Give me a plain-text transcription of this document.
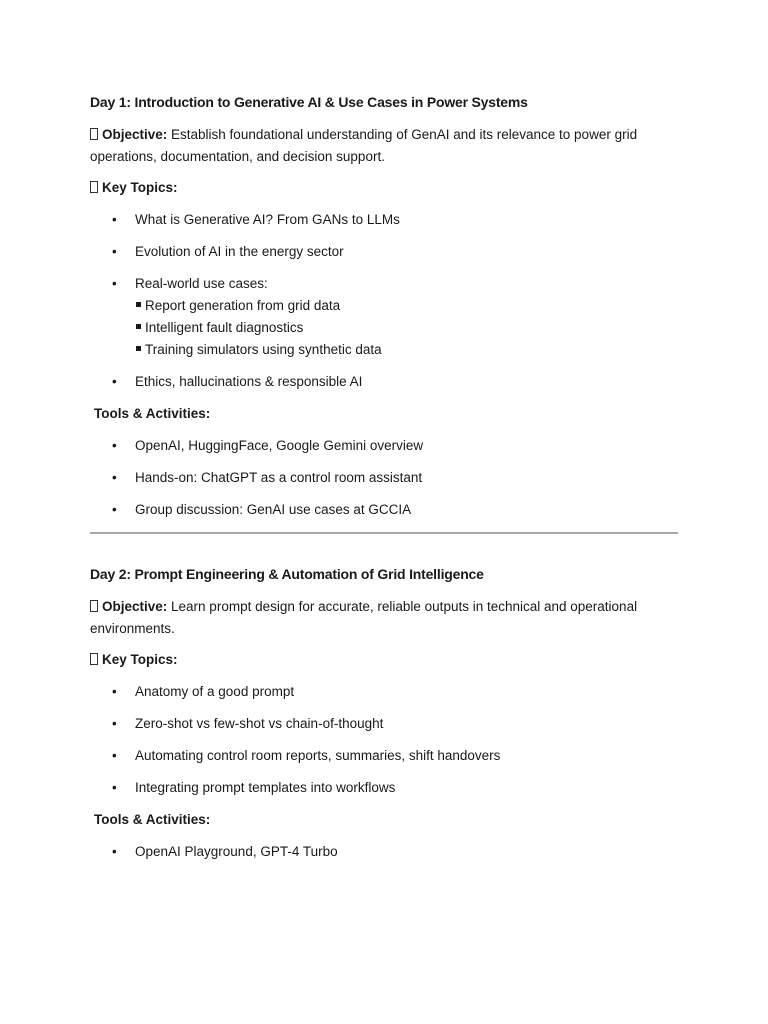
Day 1: Introduction to Generative AI & Use Cases in Power Systems
Objective: Establish foundational understanding of GenAI and its relevance to power grid operations, documentation, and decision support.
Key Topics:
• What is Generative AI? From GANs to LLMs
• Evolution of AI in the energy sector
• Real-world use cases:
Report generation from grid data
Intelligent fault diagnostics
Training simulators using synthetic data
• Ethics, hallucinations & responsible AI
Tools & Activities:
• OpenAI, HuggingFace, Google Gemini overview
• Hands-on: ChatGPT as a control room assistant
• Group discussion: GenAI use cases at GCCIA
Day 2: Prompt Engineering & Automation of Grid Intelligence
Objective: Learn prompt design for accurate, reliable outputs in technical and operational environments.
Key Topics:
• Anatomy of a good prompt
• Zero-shot vs few-shot vs chain-of-thought
• Automating control room reports, summaries, shift handovers
• Integrating prompt templates into workflows
Tools & Activities:
• OpenAI Playground, GPT-4 Turbo
